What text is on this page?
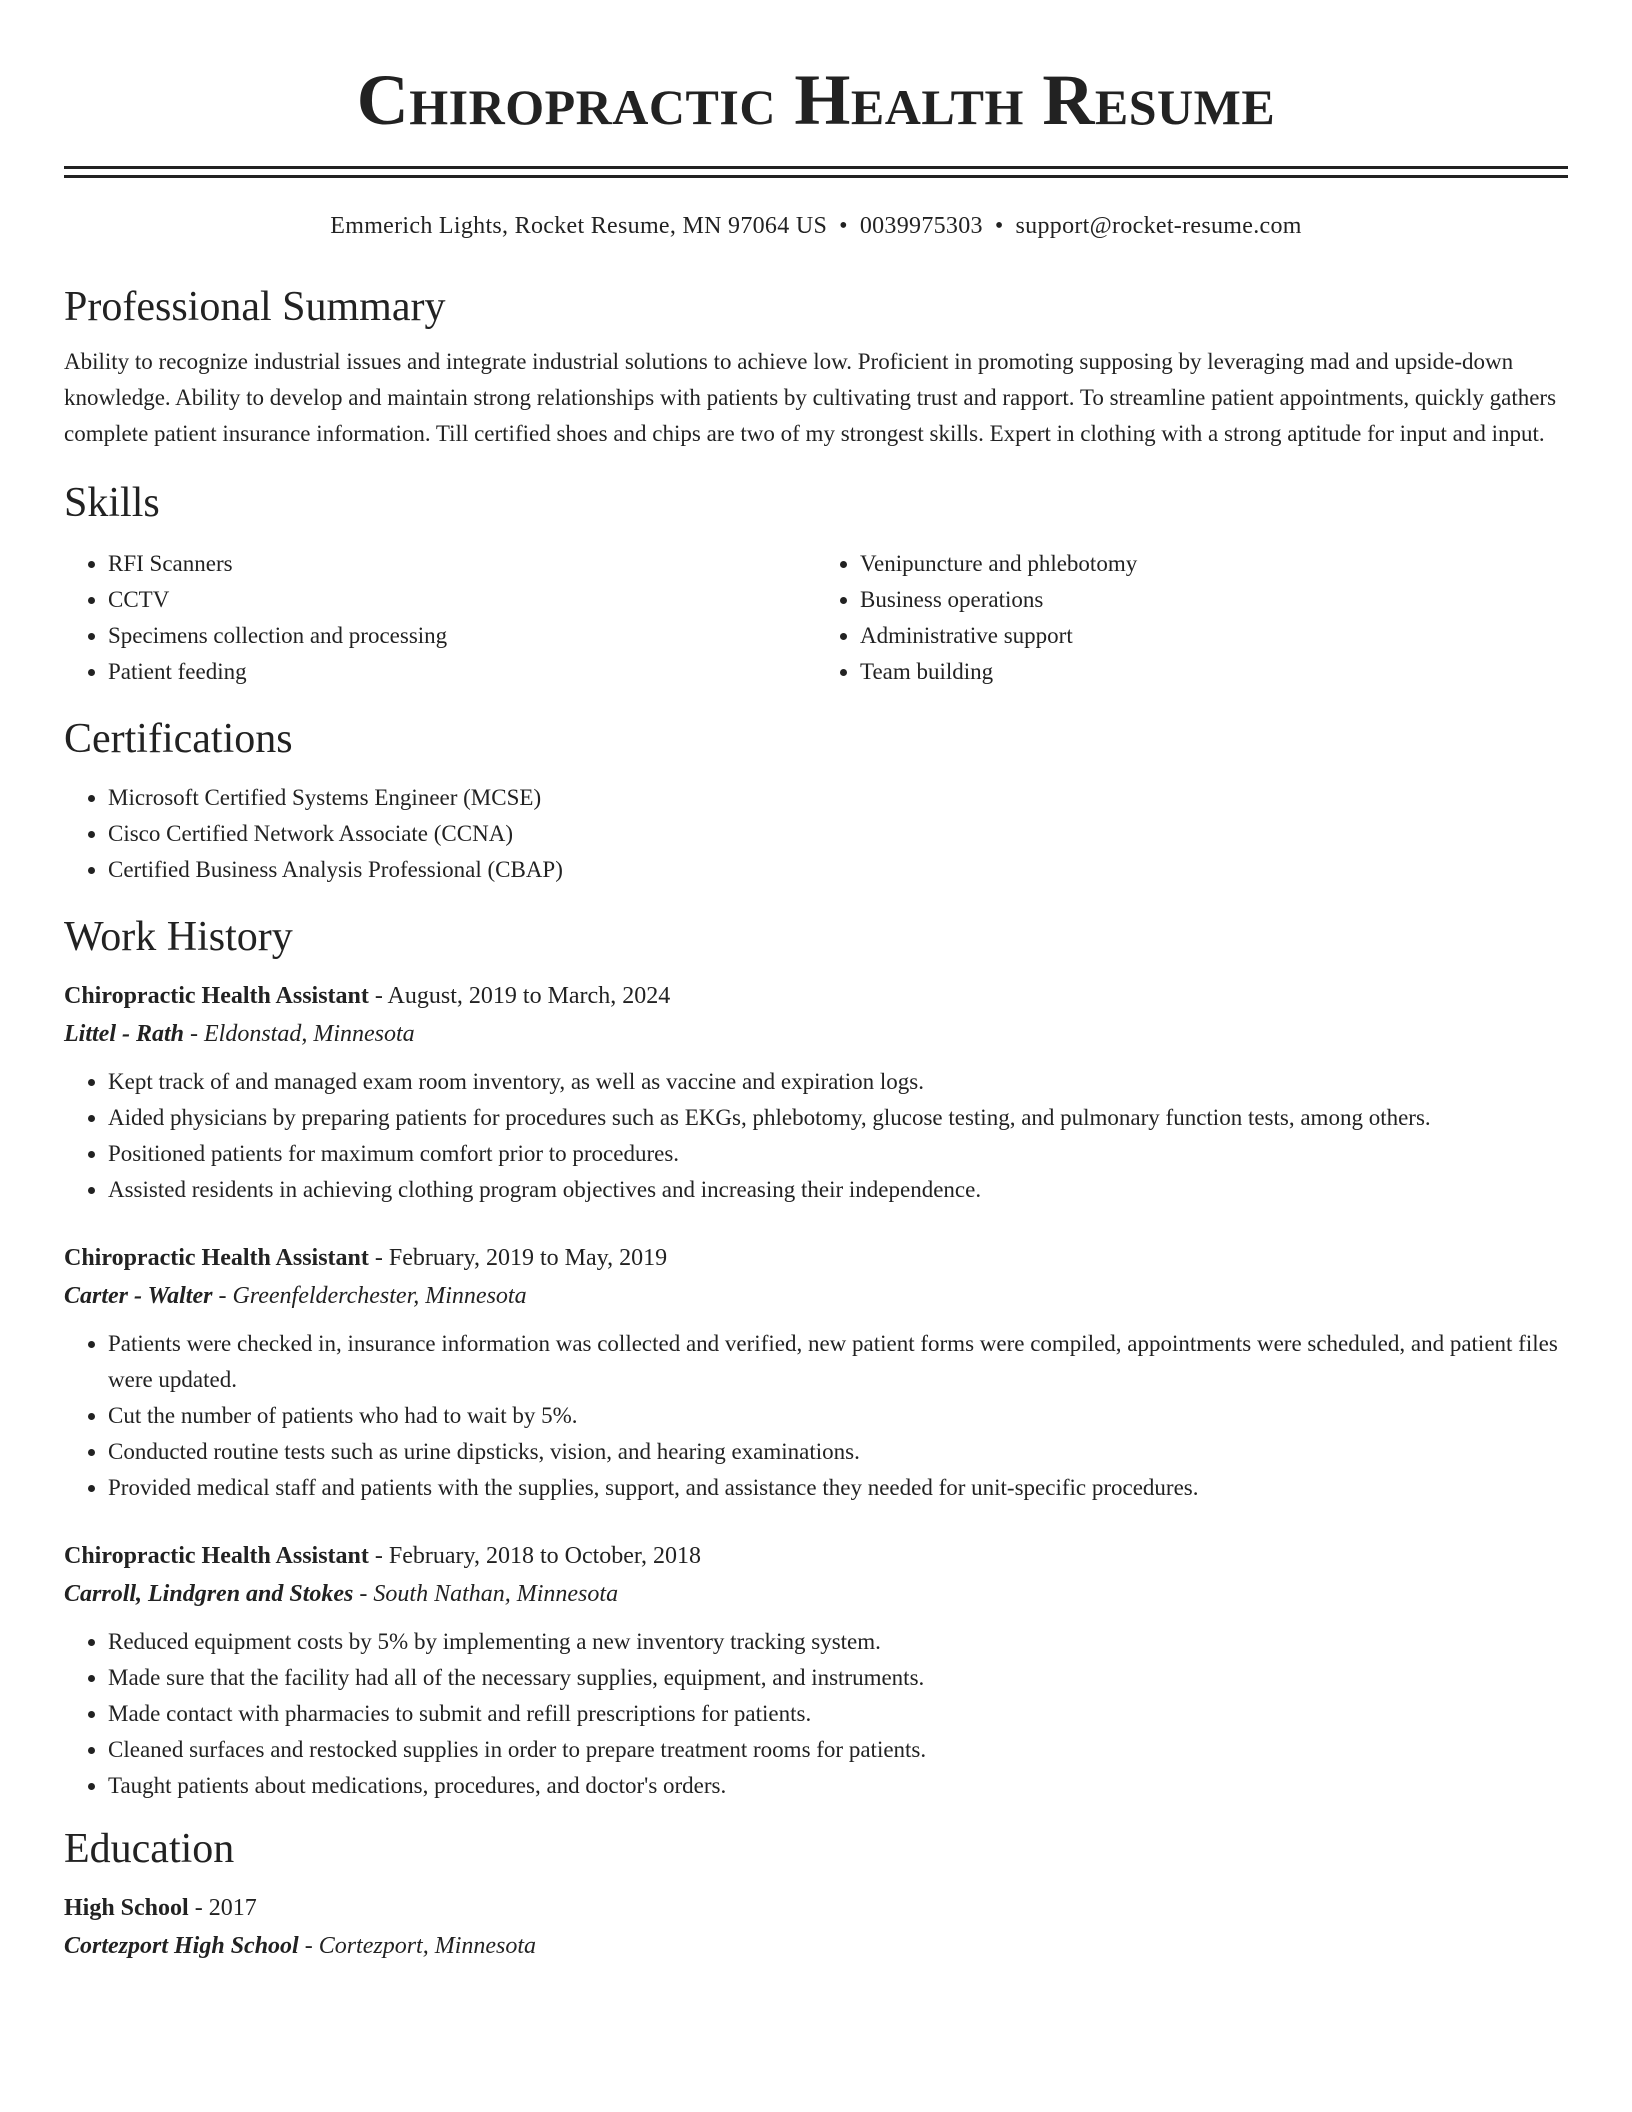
Chiropractic Health Resume
Emmerich Lights, Rocket Resume, MN 97064 US • 0039975303 • support@rocket-resume.com
Professional Summary

Ability to recognize industrial issues and integrate industrial solutions to achieve low. Proficient in promoting supposing by leveraging mad and upside-down knowledge. Ability to develop and maintain strong relationships with patients by cultivating trust and rapport. To streamline patient appointments, quickly gathers complete patient insurance information. Till certified shoes and chips are two of my strongest skills. Expert in clothing with a strong aptitude for input and input.

Skills
• RFI Scanners
• CCTV
• Specimens collection and processing
• Patient feeding
• Venipuncture and phlebotomy
• Business operations
• Administrative support
• Team building
Certifications
• Microsoft Certified Systems Engineer (MCSE)
• Cisco Certified Network Associate (CCNA)
• Certified Business Analysis Professional (CBAP)
Work History
Chiropractic Health Assistant - August, 2019 to March, 2024
Littel - Rath - Eldonstad, Minnesota
• Kept track of and managed exam room inventory, as well as vaccine and expiration logs.
• Aided physicians by preparing patients for procedures such as EKGs, phlebotomy, glucose testing, and pulmonary function tests, among others.
• Positioned patients for maximum comfort prior to procedures.
• Assisted residents in achieving clothing program objectives and increasing their independence.
Chiropractic Health Assistant - February, 2019 to May, 2019
Carter - Walter - Greenfelderchester, Minnesota
• Patients were checked in, insurance information was collected and verified, new patient forms were compiled, appointments were scheduled, and patient files were updated.
• Cut the number of patients who had to wait by 5%.
• Conducted routine tests such as urine dipsticks, vision, and hearing examinations.
• Provided medical staff and patients with the supplies, support, and assistance they needed for unit-specific procedures.
Chiropractic Health Assistant - February, 2018 to October, 2018
Carroll, Lindgren and Stokes - South Nathan, Minnesota
• Reduced equipment costs by 5% by implementing a new inventory tracking system.
• Made sure that the facility had all of the necessary supplies, equipment, and instruments.
• Made contact with pharmacies to submit and refill prescriptions for patients.
• Cleaned surfaces and restocked supplies in order to prepare treatment rooms for patients.
• Taught patients about medications, procedures, and doctor's orders.
Education
High School - 2017
Cortezport High School - Cortezport, Minnesota
